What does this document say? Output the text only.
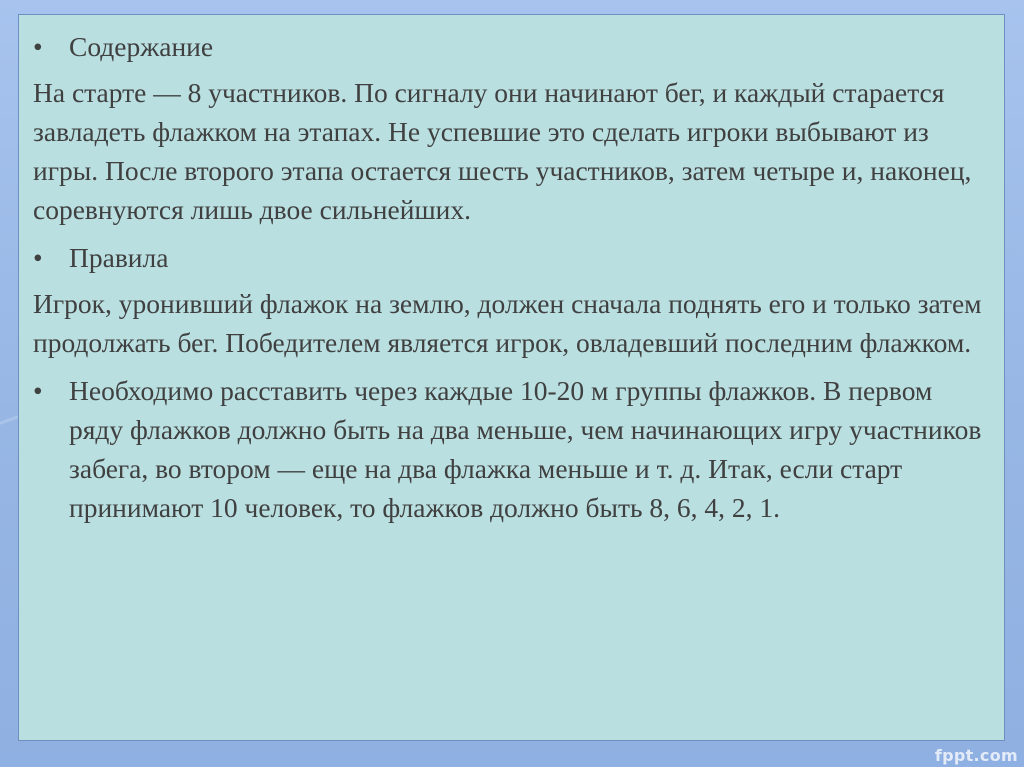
• Содержание

На старте — 8 участников. По сигналу они начинают бег, и каждый старается завладеть флажком на этапах. Не успевшие это сделать игроки выбывают из игры. После второго этапа остается шесть участников, затем четыре и, наконец, соревнуются лишь двое сильнейших.

• Правила

Игрок, уронивший флажок на землю, должен сначала поднять его и только затем продолжать бег. Победителем является игрок, овладевший последним флажком.

• Необходимо расставить через каждые 10-20 м группы флажков. В первом ряду флажков должно быть на два меньше, чем начинающих игру участников забега, во втором — еще на два флажка меньше и т. д. Итак, если старт принимают 10 человек, то флажков должно быть 8, 6, 4, 2, 1.
fppt.com
